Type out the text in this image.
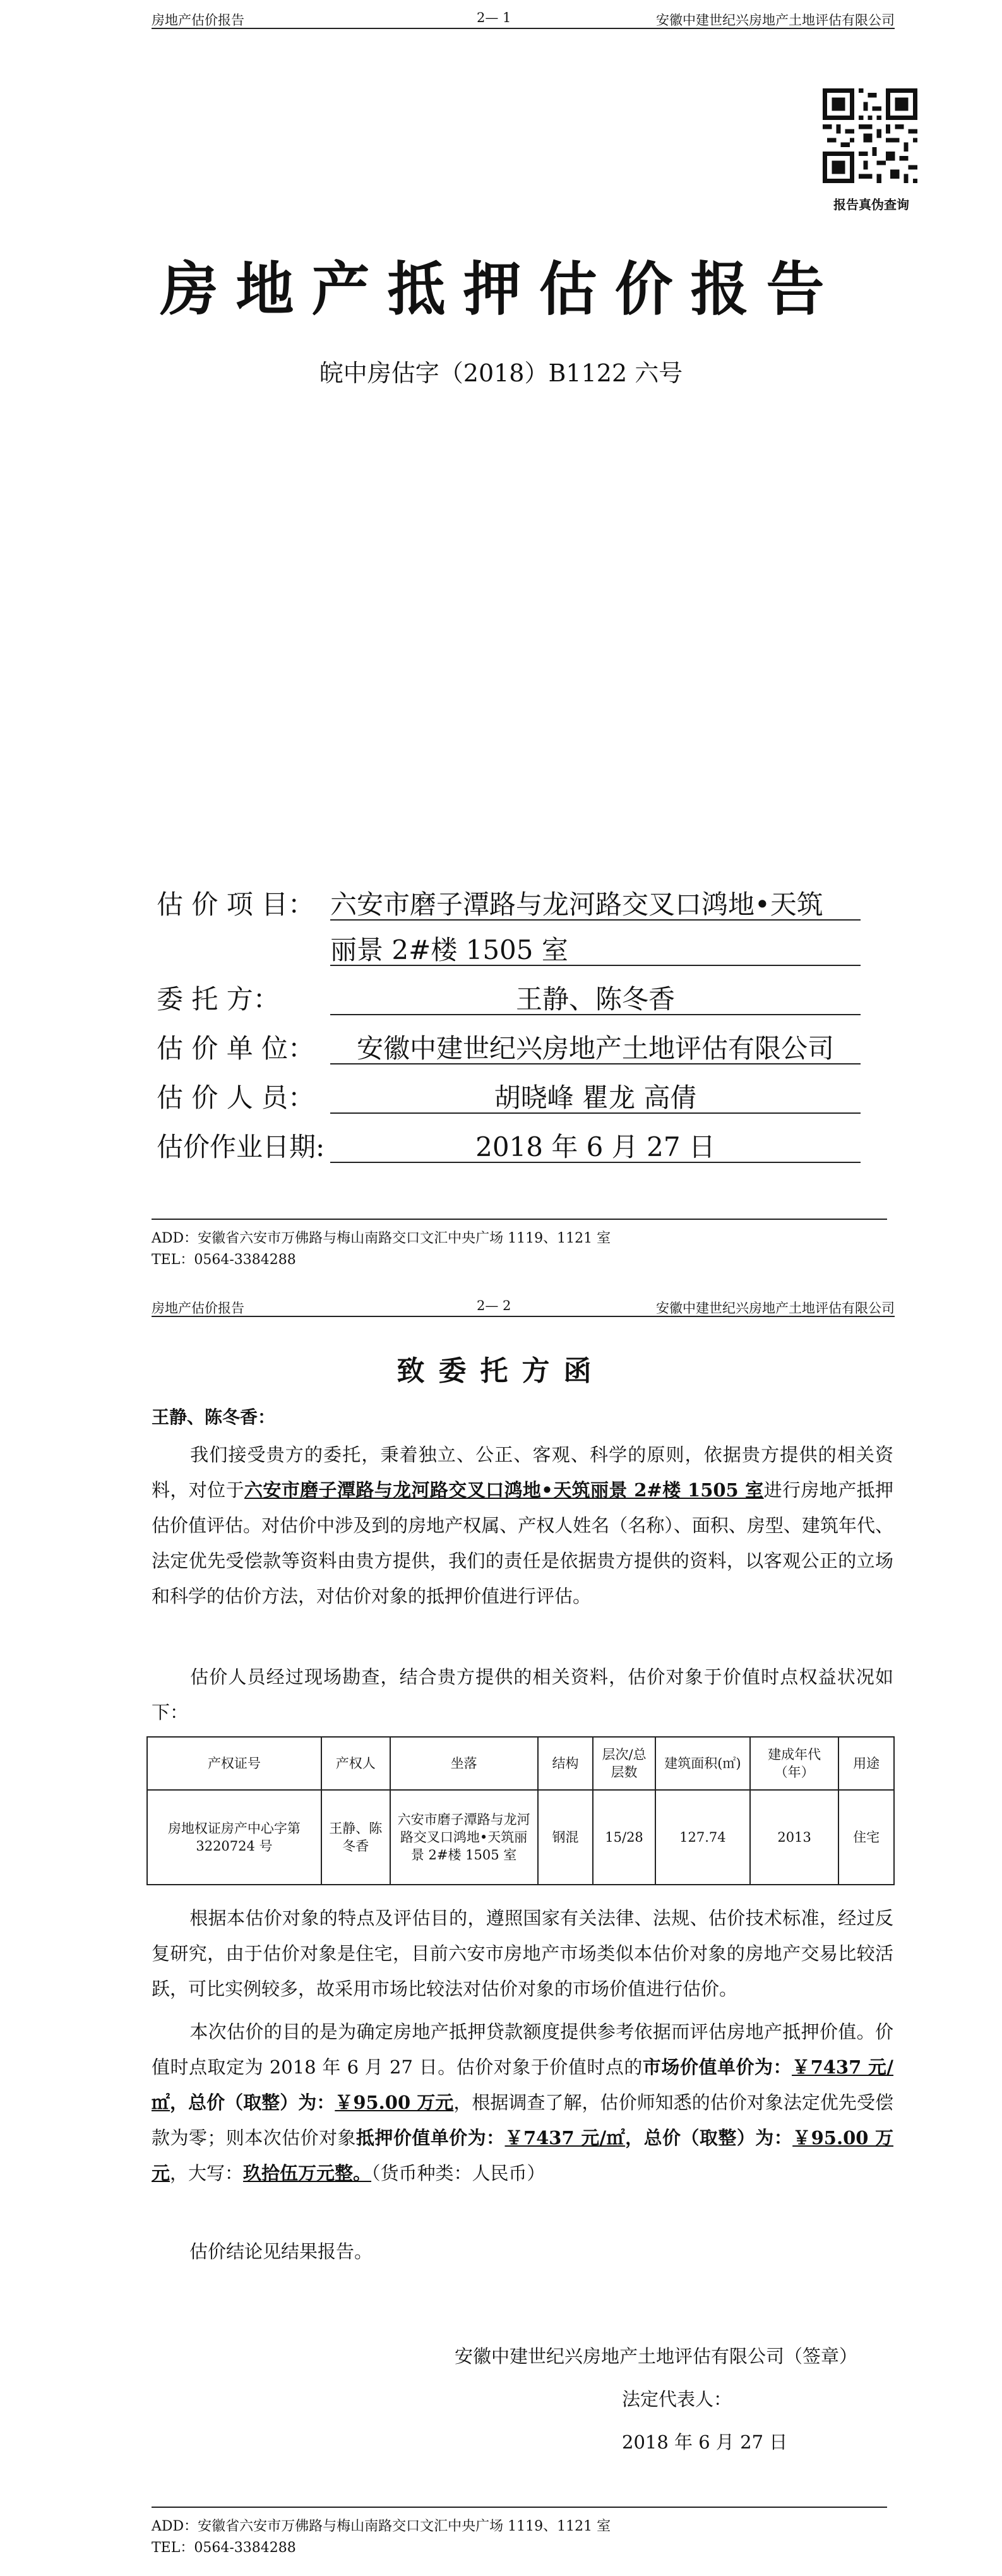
房地产估价报告	2— 1	安徽中建世纪兴房地产土地评估有限公司
报告真伪查询
房地产抵押估价报告
皖中房估字（2018）B1122 六号
估 价 项 目： 六安市磨子潭路与龙河路交叉口鸿地•天筑
丽景 2#楼 1505 室
委 托 方：	王静、陈冬香
估 价 单 位：	安徽中建世纪兴房地产土地评估有限公司
估 价 人 员：	胡晓峰 瞿龙 高倩
估价作业日期:	2018 年 6 月 27 日
ADD：安徽省六安市万佛路与梅山南路交口文汇中央广场 1119、1121 室
TEL：0564-3384288
房地产估价报告	2— 2	安徽中建世纪兴房地产土地评估有限公司
致委托方函
王静、陈冬香：
我们接受贵方的委托，秉着独立、公正、客观、科学的原则，依据贵方提供的相关资料，对位于六安市磨子潭路与龙河路交叉口鸿地•天筑丽景 2#楼 1505 室进行房地产抵押估价值评估。对估价中涉及到的房地产权属、产权人姓名（名称）、面积、房型、建筑年代、法定优先受偿款等资料由贵方提供，我们的责任是依据贵方提供的资料，以客观公正的立场和科学的估价方法，对估价对象的抵押价值进行评估。
估价人员经过现场勘查，结合贵方提供的相关资料，估价对象于价值时点权益状况如下：
产权证号	产权人	坐落	结构	层次/总层数	建筑面积(㎡)	建成年代（年）	用途
房地权证房产中心字第 3220724 号	王静、陈冬香	六安市磨子潭路与龙河路交叉口鸿地•天筑丽景 2#楼 1505 室	钢混	15/28	127.74	2013	住宅
根据本估价对象的特点及评估目的，遵照国家有关法律、法规、估价技术标准，经过反复研究，由于估价对象是住宅，目前六安市房地产市场类似本估价对象的房地产交易比较活跃，可比实例较多，故采用市场比较法对估价对象的市场价值进行估价。
本次估价的目的是为确定房地产抵押贷款额度提供参考依据而评估房地产抵押价值。价值时点取定为 2018 年 6 月 27 日。估价对象于价值时点的市场价值单价为：￥7437 元/㎡，总价（取整）为：￥95.00 万元，根据调查了解，估价师知悉的估价对象法定优先受偿款为零；则本次估价对象抵押价值单价为：￥7437 元/㎡，总价（取整）为：￥95.00 万元，大写：玖拾伍万元整。（货币种类：人民币）
估价结论见结果报告。
安徽中建世纪兴房地产土地评估有限公司（签章）
法定代表人：
2018 年 6 月 27 日
ADD：安徽省六安市万佛路与梅山南路交口文汇中央广场 1119、1121 室
TEL：0564-3384288
